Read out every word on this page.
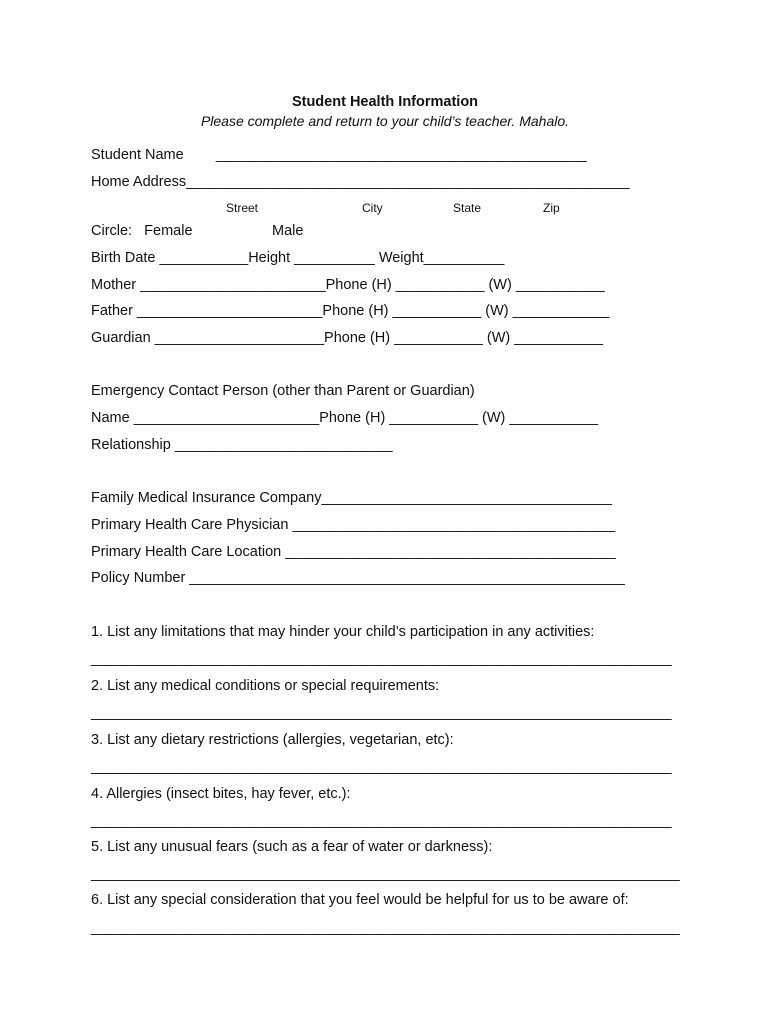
Student Health Information
Please complete and return to your child’s teacher. Mahalo.
Student Name        ______________________________________________
Home Address_______________________________________________________
Street	City	State	Zip
Circle:   Female	Male
Birth Date ___________Height __________ Weight__________
Mother _______________________Phone (H) ___________ (W) ___________
Father _______________________Phone (H) ___________ (W) ____________
Guardian _____________________Phone (H) ___________ (W) ___________
Emergency Contact Person (other than Parent or Guardian)
Name _______________________Phone (H) ___________ (W) ___________
Relationship ___________________________
Family Medical Insurance Company____________________________________
Primary Health Care Physician ________________________________________
Primary Health Care Location _________________________________________
Policy Number ______________________________________________________
1. List any limitations that may hinder your child’s participation in any activities:
________________________________________________________________________
2. List any medical conditions or special requirements:
________________________________________________________________________
3. List any dietary restrictions (allergies, vegetarian, etc):
________________________________________________________________________
4. Allergies (insect bites, hay fever, etc.):
________________________________________________________________________
5. List any unusual fears (such as a fear of water or darkness):
_________________________________________________________________________
6. List any special consideration that you feel would be helpful for us to be aware of:
_________________________________________________________________________
